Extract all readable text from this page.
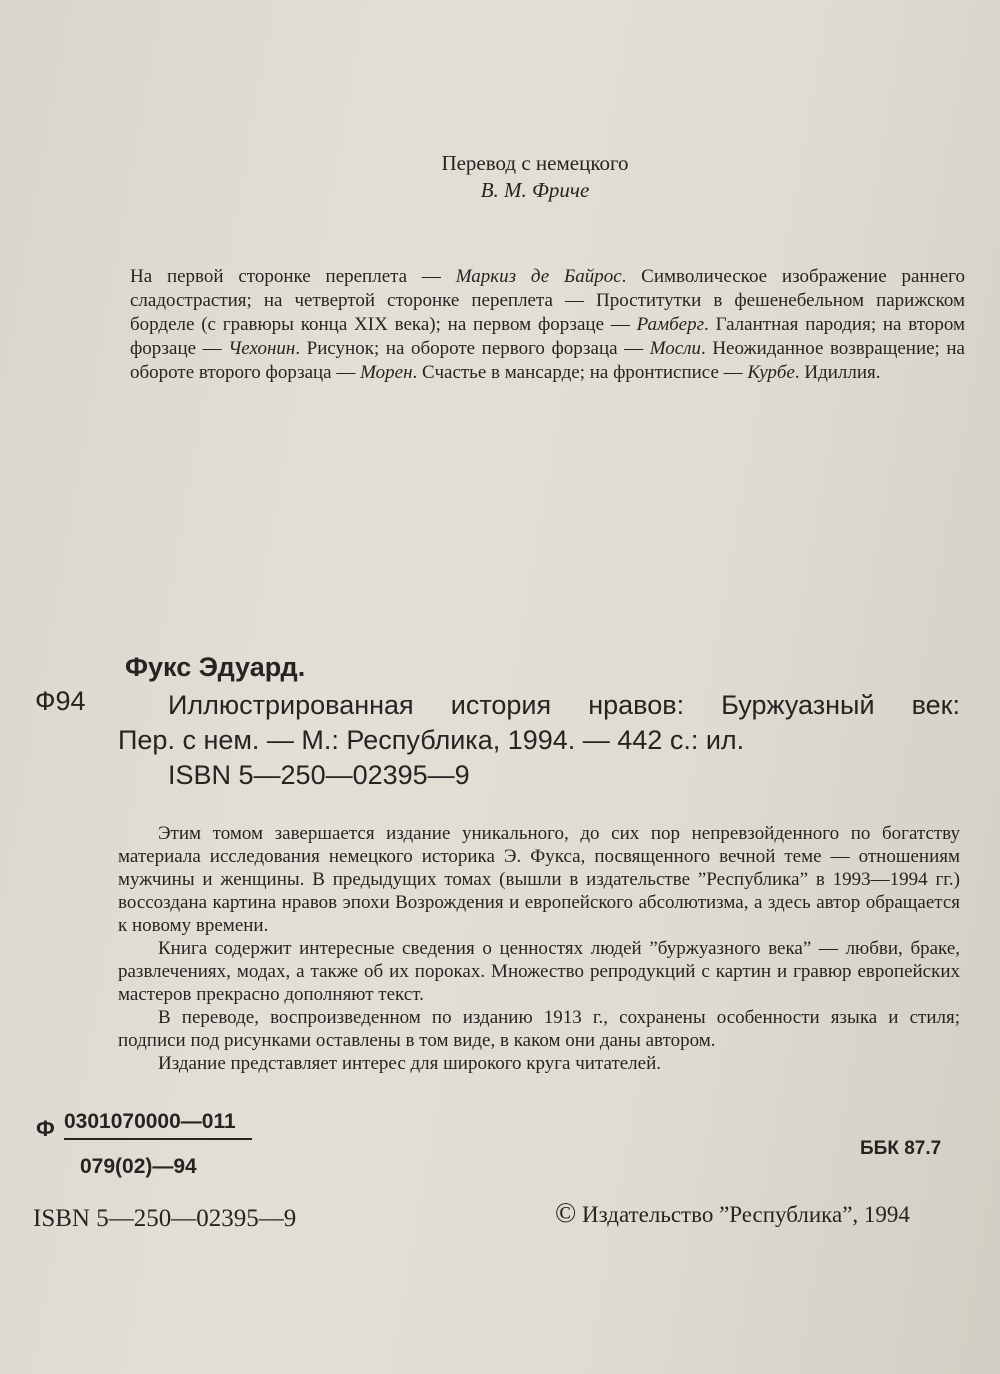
Перевод с немецкого
В. М. Фриче

На первой сторонке переплета — Маркиз де Байрос. Символическое изображение раннего сладострастия; на четвертой сторонке переплета — Проститутки в фешенебельном парижском борделе (с гравюры конца XIX века); на первом форзаце — Рамберг. Галантная пародия; на втором форзаце — Чехонин. Рисунок; на обороте первого форзаца — Мосли. Неожиданное возвращение; на обороте второго форзаца — Морен. Счастье в мансарде; на фронтисписе — Курбе. Идиллия.

Фукс Эдуард.
Ф94	Иллюстрированная история нравов: Буржуазный век:
Пер. с нем. — М.: Республика, 1994. — 442 с.: ил.
ISBN 5—250—02395—9

Этим томом завершается издание уникального, до сих пор непревзойденного по богатству материала исследования немецкого историка Э. Фукса, посвященного вечной теме — отношениям мужчины и женщины. В предыдущих томах (вышли в издательстве ”Республика” в 1993—1994 гг.) воссоздана картина нравов эпохи Возрождения и европейского абсолютизма, а здесь автор обращается к новому времени.

Книга содержит интересные сведения о ценностях людей ”буржуазного века” — любви, браке, развлечениях, модах, а также об их пороках. Множество репродукций с картин и гравюр европейских мастеров прекрасно дополняют текст.

В переводе, воспроизведенном по изданию 1913 г., сохранены особенности языка и стиля; подписи под рисунками оставлены в том виде, в каком они даны автором.

Издание представляет интерес для широкого круга читателей.

Ф 0301070000—011
079(02)—94
ББК 87.7
ISBN 5—250—02395—9	© Издательство ”Республика”, 1994
